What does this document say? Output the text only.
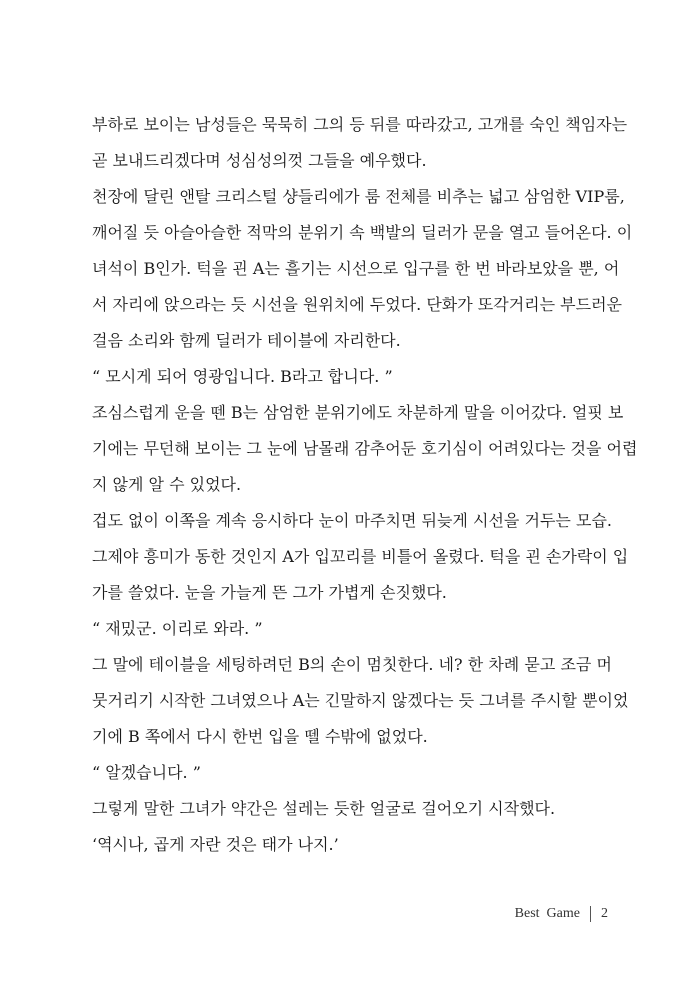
부하로 보이는 남성들은 묵묵히 그의 등 뒤를 따라갔고, 고개를 숙인 책임자는
곧 보내드리겠다며 성심성의껏 그들을 예우했다.
천장에 달린 앤탈 크리스털 샹들리에가 룸 전체를 비추는 넓고 삼엄한 VIP룸,
깨어질 듯 아슬아슬한 적막의 분위기 속 백발의 딜러가 문을 열고 들어온다. 이
녀석이 B인가. 턱을 괸 A는 흘기는 시선으로 입구를 한 번 바라보았을 뿐, 어
서 자리에 앉으라는 듯 시선을 원위치에 두었다. 단화가 또각거리는 부드러운
걸음 소리와 함께 딜러가 테이블에 자리한다.
“ 모시게 되어 영광입니다. B라고 합니다. ”
조심스럽게 운을 뗀 B는 삼엄한 분위기에도 차분하게 말을 이어갔다. 얼핏 보
기에는 무던해 보이는 그 눈에 남몰래 감추어둔 호기심이 어려있다는 것을 어렵
지 않게 알 수 있었다.
겁도 없이 이쪽을 계속 응시하다 눈이 마주치면 뒤늦게 시선을 거두는 모습.
그제야 흥미가 동한 것인지 A가 입꼬리를 비틀어 올렸다. 턱을 괸 손가락이 입
가를 쓸었다. 눈을 가늘게 뜬 그가 가볍게 손짓했다.
“ 재밌군. 이리로 와라. ”
그 말에 테이블을 세팅하려던 B의 손이 멈칫한다. 네? 한 차례 묻고 조금 머
뭇거리기 시작한 그녀였으나 A는 긴말하지 않겠다는 듯 그녀를 주시할 뿐이었
기에 B 쪽에서 다시 한번 입을 뗄 수밖에 없었다.
“ 알겠습니다. ”
그렇게 말한 그녀가 약간은 설레는 듯한 얼굴로 걸어오기 시작했다.
‘역시나, 곱게 자란 것은 태가 나지.’
Best  Game 2
